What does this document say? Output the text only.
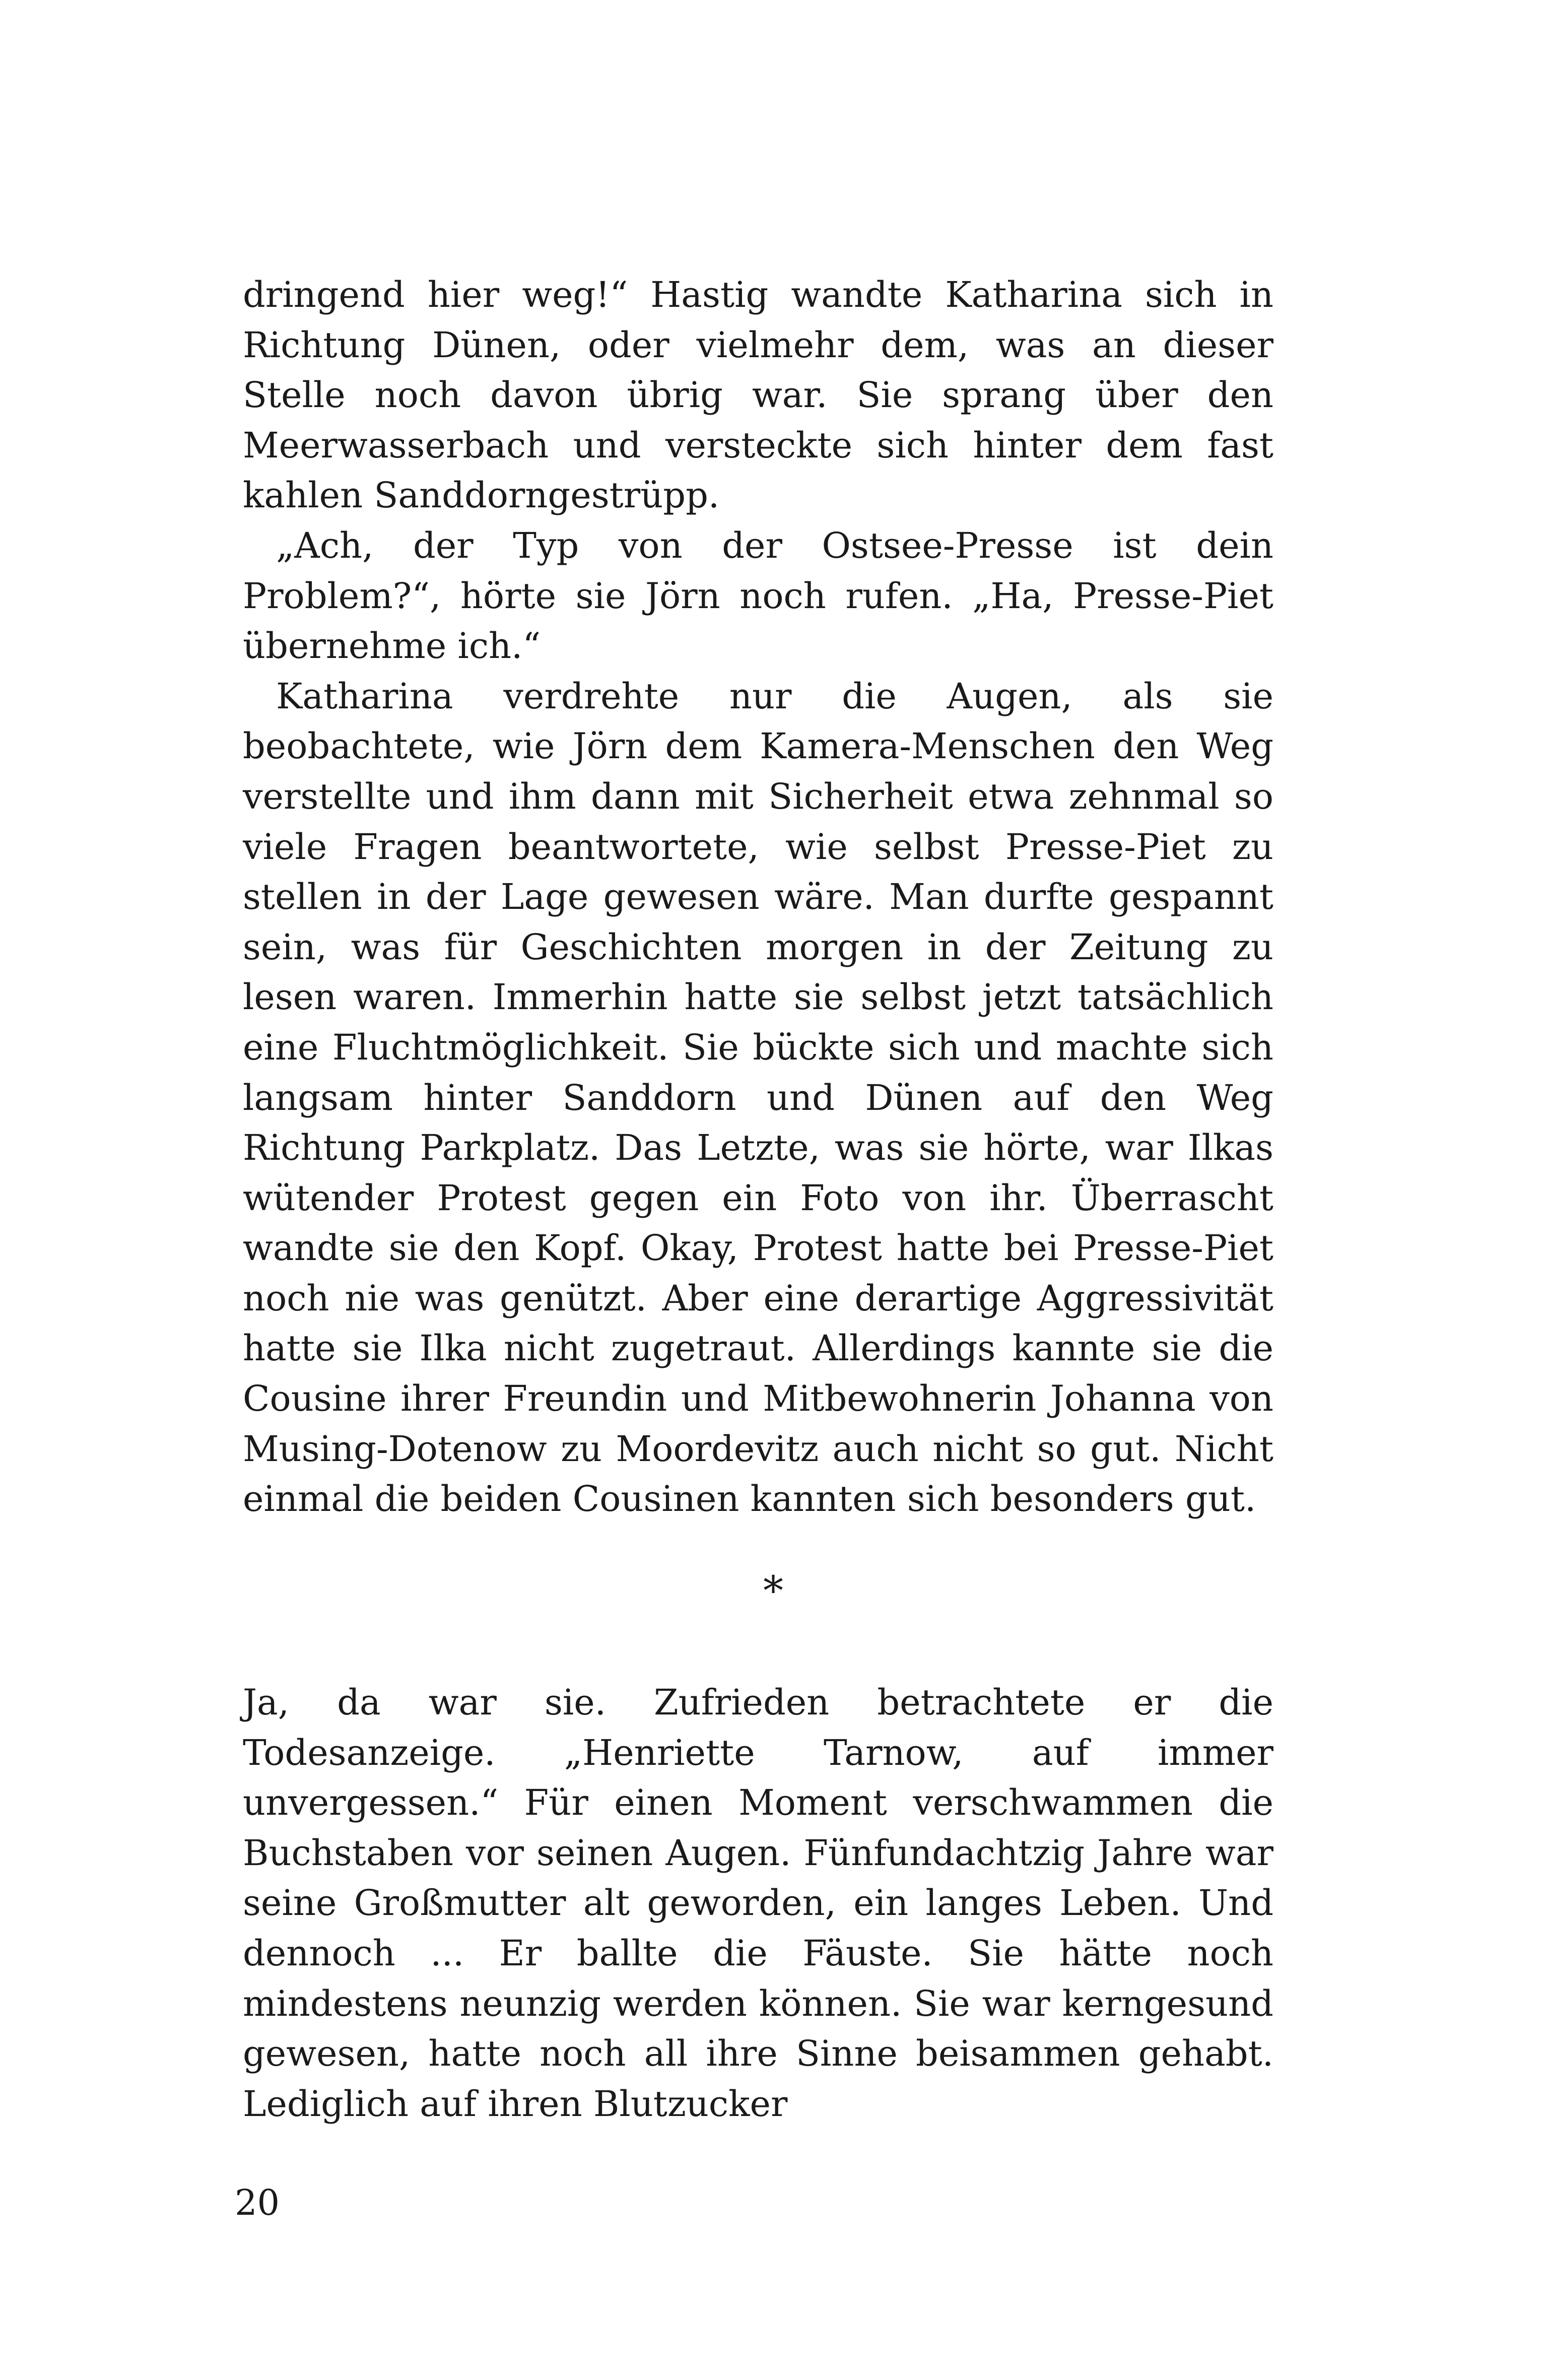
dringend hier weg!“ Hastig wandte Katharina sich in Richtung Dünen, oder vielmehr dem, was an dieser Stelle noch davon übrig war. Sie sprang über den Meerwasserbach und versteckte sich hinter dem fast kahlen Sanddorngestrüpp.

„Ach, der Typ von der Ostsee-Presse ist dein Problem?“, hörte sie Jörn noch rufen. „Ha, Presse-Piet übernehme ich.“

Katharina verdrehte nur die Augen, als sie beobachtete, wie Jörn dem Kamera-Menschen den Weg verstellte und ihm dann mit Sicherheit etwa zehnmal so viele Fragen beantwortete, wie selbst Presse-Piet zu stellen in der Lage gewesen wäre. Man durfte gespannt sein, was für Geschichten morgen in der Zeitung zu lesen waren. Immerhin hatte sie selbst jetzt tatsächlich eine Fluchtmöglichkeit. Sie bückte sich und machte sich langsam hinter Sanddorn und Dünen auf den Weg Richtung Parkplatz. Das Letzte, was sie hörte, war Ilkas wütender Protest gegen ein Foto von ihr. Überrascht wandte sie den Kopf. Okay, Protest hatte bei Presse-Piet noch nie was genützt. Aber eine derartige Aggressivität hatte sie Ilka nicht zugetraut. Allerdings kannte sie die Cousine ihrer Freundin und Mitbewohnerin Johanna von Musing-Dotenow zu Moordevitz auch nicht so gut. Nicht einmal die beiden Cousinen kannten sich besonders gut.

*

Ja, da war sie. Zufrieden betrachtete er die Todesanzeige. „Henriette Tarnow, auf immer unvergessen.“ Für einen Moment verschwammen die Buchstaben vor seinen Augen. Fünfundachtzig Jahre war seine Großmutter alt geworden, ein langes Leben. Und dennoch ... Er ballte die Fäuste. Sie hätte noch mindestens neunzig werden können. Sie war kerngesund gewesen, hatte noch all ihre Sinne beisammen gehabt. Lediglich auf ihren Blutzucker

20
